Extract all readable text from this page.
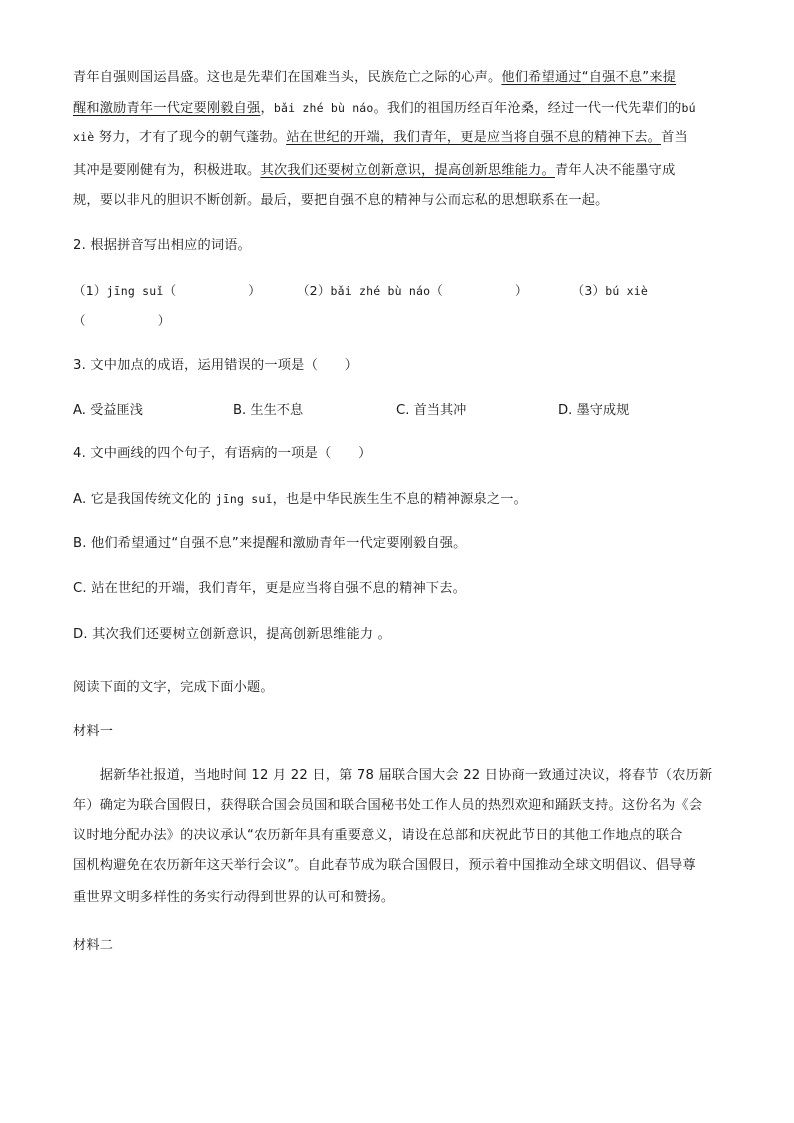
青年自强则国运昌盛。这也是先辈们在国难当头，民族危亡之际的心声。他们希望通过“自强不息”来提
醒和激励青年一代定要刚毅自强，bǎi zhé bù náo。我们的祖国历经百年沧桑，经过一代一代先辈们的bú
xiè 努力，才有了现今的朝气蓬勃。站在世纪的开端，我们青年，更是应当将自强不息的精神下去。首当
其冲是要刚健有为，积极进取。其次我们还要树立创新意识，提高创新思维能力。青年人决不能墨守成
规，要以非凡的胆识不断创新。最后，要把自强不息的精神与公而忘私的思想联系在一起。
2. 根据拼音写出相应的词语。
（1）jīng suǐ（	）	（2）bǎi zhé bù náo（	）	（3）bú xiè
（	）
3. 文中加点的成语，运用错误的一项是（　　）
A. 受益匪浅	B. 生生不息	C. 首当其冲	D. 墨守成规
4. 文中画线的四个句子，有语病的一项是（　　）
A. 它是我国传统文化的 jīng suǐ，也是中华民族生生不息的精神源泉之一。
B. 他们希望通过“自强不息”来提醒和激励青年一代定要刚毅自强。
C. 站在世纪的开端，我们青年，更是应当将自强不息的精神下去。
D. 其次我们还要树立创新意识，提高创新思维能力 。
阅读下面的文字，完成下面小题。
材料一
　　据新华社报道，当地时间 12 月 22 日，第 78 届联合国大会 22 日协商一致通过决议，将春节（农历新
年）确定为联合国假日，获得联合国会员国和联合国秘书处工作人员的热烈欢迎和踊跃支持。这份名为《会
议时地分配办法》的决议承认“农历新年具有重要意义，请设在总部和庆祝此节日的其他工作地点的联合
国机构避免在农历新年这天举行会议”。自此春节成为联合国假日，预示着中国推动全球文明倡议、倡导尊
重世界文明多样性的务实行动得到世界的认可和赞扬。
材料二
